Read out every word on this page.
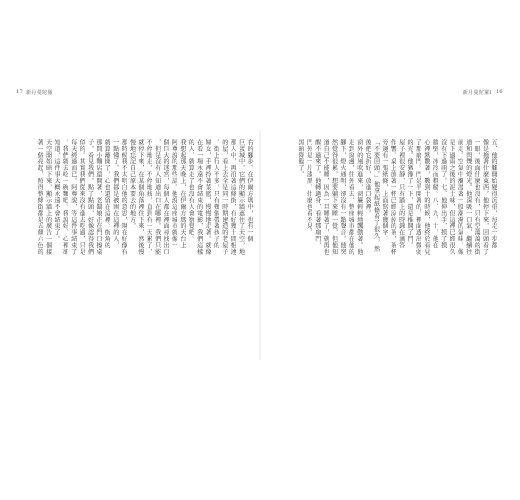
17 新月曼陀羅

右的腳步。在伊爾方瑪中，也有一個

巨蛋城中，它們的顯示牆遮住了天空，地

那人中，再沿著這條街，有好幾十間相連

的屋，看上去全是同一時期建造的老屋子

。街上行人不多，只有幾個帶著孩子的

婦女，手裡拎著菜籃，慢慢地走著。就像

在看一場永遠不會結束的電影，我們這樣

的人，就算走了也沒有人會察覺吧。

我想起那天晚上，在伊爾方瑪的天台上

阿尊說的那些話。他說這座城市就像一

個巨大的迷宮，每個人都在裡面尋找出口

，但是沒有人知道出口在哪裡。我們只能

不停地走，不停地找，直到有一天累了，

就停下來，在某個角落裡住下來，然後慢

慢地忘記自己原本要去的地方。

那時候我不太明白他的意思，現在好像有

一點懂了。我們都是被困在這裡的人，

就算離開了，心也還留在這裡。街角的

那間小麵店還開著，老闆娘正在門口擦桌

子，看見我們，點了點頭，好像認得我們

似的。其實我們從來沒有進去吃過，只是

每天經過而已。阿尊說，等這件事結束了

，我們就去吃一碗麵吧。我說好，心裡卻

知道，這件事大概永遠不會結束了。

天空開始暗下來，顯示牆上的廣告一個接

著一個亮起，照得整條街都是五顏六色的

新月曼陀羅Ⅰ 16

五、他的腳開始變得沉重，每走一步都

像是拖著什麼東西。他停下來，回頭看了

一眼，後面什麼也沒有，只有空蕩蕩的街

道和閃爍的燈光。他深吸一口氣，繼續往

前走。空氣中瀰漫著一股潮濕的氣味，像

是下過雨之後的泥土味，但這裡已經很久

沒有下過雨了。七、他伸出手，摸了摸

牆壁，冰冷而粗糙。八、九、十，他在

心裡默數著，數到十的時候，他終於看見

了那扇門。門是半開著的，裡面透出微弱

的光。他猶豫了一下，還是推開了門。

屋子裡很安靜，只有牆上的時鐘在滴答

作響。桌上放著一杯已經涼掉的茶，茶杯

旁邊有一張紙條，上面寫著幾個字：

「不要回頭。」他拿起紙條看了很久，然

後把它折好，放進口袋裡。

窗外的風吹進來，窗簾輕輕地飄動著。他

走到窗邊，往外看去，整座城市都在他的

腳下，燈火通明，卻沒有一點聲音。他突

然覺得很累，想要躺下來睡一覺，但他知

道自己不能睡，因為一旦睡著了，就再也

醒不過來了。他轉過身，看著那扇門，

門外是一片漆黑，什麼也看不見。

黑暗降臨了。
